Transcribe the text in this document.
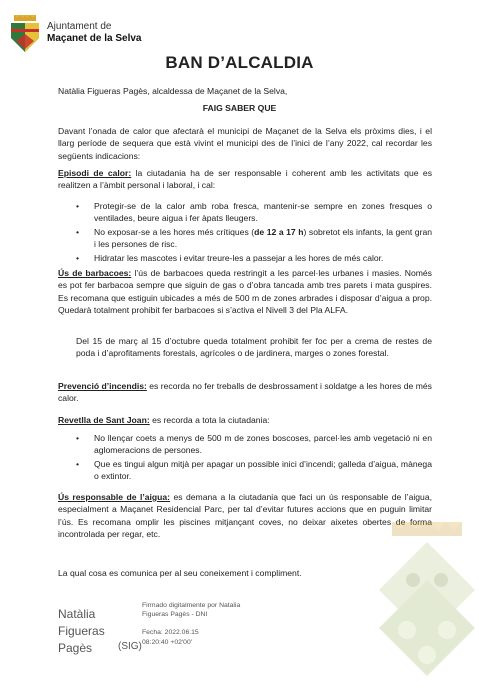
Ajuntament de
Maçanet de la Selva
BAN D’ALCALDIA
Natàlia Figueras Pagès, alcaldessa de Maçanet de la Selva,
FAIG SABER QUE
Davant l’onada de calor que afectarà el municipi de Maçanet de la Selva els pròxims dies, i el llarg període de sequera que està vivint el municipi des de l’inici de l’any 2022, cal recordar les següents indicacions:
Episodi de calor: la ciutadania ha de ser responsable i coherent amb les activitats que es realitzen a l’àmbit personal i laboral, i cal:
• Protegir-se de la calor amb roba fresca, mantenir-se sempre en zones fresques o ventilades, beure aigua i fer àpats lleugers.
• No exposar-se a les hores més crítiques (de 12 a 17 h) sobretot els infants, la gent gran i les persones de risc.
• Hidratar les mascotes i evitar treure-les a passejar a les hores de més calor.
Ús de barbacoes: l’ús de barbacoes queda restringit a les parcel·les urbanes i masies. Només es pot fer barbacoa sempre que siguin de gas o d’obra tancada amb tres parets i mata guspires. Es recomana que estiguin ubicades a més de 500 m de zones arbrades i disposar d’aigua a prop. Quedarà totalment prohibit fer barbacoes si s’activa el Nivell 3 del Pla ALFA.
Del 15 de març al 15 d’octubre queda totalment prohibit fer foc per a crema de restes de poda i d’aprofitaments forestals, agrícoles o de jardinera, marges o zones forestal.
Prevenció d’incendis: es recorda no fer treballs de desbrossament i soldatge a les hores de més calor.
Revetlla de Sant Joan: es recorda a tota la ciutadania:
• No llençar coets a menys de 500 m de zones boscoses, parcel·les amb vegetació ni en aglomeracions de persones.
• Que es tingui algun mitjà per apagar un possible inici d’incendi; galleda d’aigua, mànega o extintor.
Ús responsable de l’aigua: es demana a la ciutadania que faci un ús responsable de l’aigua, especialment a Maçanet Residencial Parc, per tal d’evitar futures accions que en puguin limitar l’ús. Es recomana omplir les piscines mitjançant coves, no deixar aixetes obertes de forma incontrolada per regar, etc.
La qual cosa es comunica per al seu coneixement i compliment.
Natàlia Figueras Pagès	(SIG)
Firmado digitalmente por Natalia Figueras Pagès - DNI
Fecha: 2022.06.15
08:20:40 +02'00'
